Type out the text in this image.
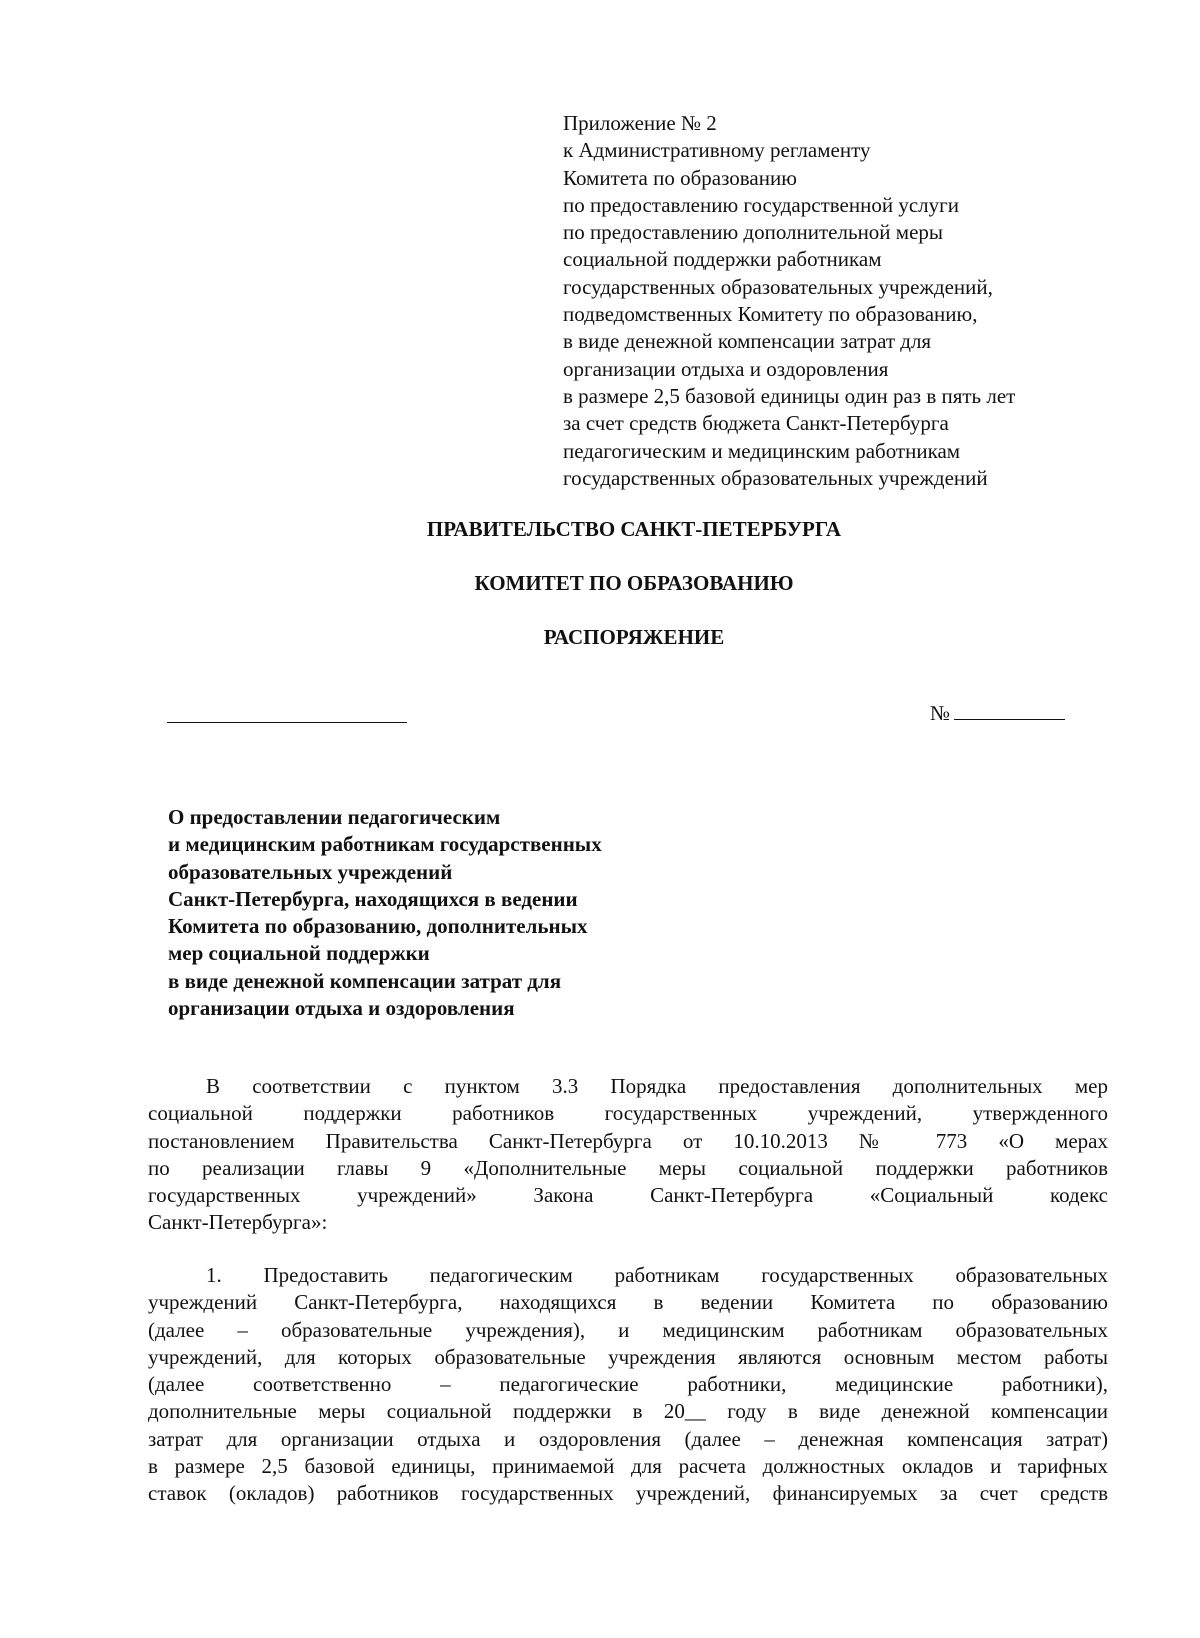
Приложение № 2
к Административному регламенту
Комитета по образованию
по предоставлению государственной услуги
по предоставлению дополнительной меры
социальной поддержки работникам
государственных образовательных учреждений,
подведомственных Комитету по образованию,
в виде денежной компенсации затрат для
организации отдыха и оздоровления
в размере 2,5 базовой единицы один раз в пять лет
за счет средств бюджета Санкт-Петербурга
педагогическим и медицинским работникам
государственных образовательных учреждений
ПРАВИТЕЛЬСТВО САНКТ-ПЕТЕРБУРГА
КОМИТЕТ ПО ОБРАЗОВАНИЮ
РАСПОРЯЖЕНИЕ
№
О предоставлении педагогическим
и медицинским работникам государственных
образовательных учреждений
Санкт-Петербурга, находящихся в ведении
Комитета по образованию, дополнительных
мер социальной поддержки
в виде денежной компенсации затрат для
организации отдыха и оздоровления
В соответствии с пунктом 3.3 Порядка предоставления дополнительных мер
социальной поддержки работников государственных учреждений, утвержденного
постановлением Правительства Санкт-Петербурга от 10.10.2013 № 773 «О мерах
по реализации главы 9 «Дополнительные меры социальной поддержки работников
государственных учреждений» Закона Санкт-Петербурга «Социальный кодекс
Санкт-Петербурга»:
1. Предоставить педагогическим работникам государственных образовательных
учреждений Санкт-Петербурга, находящихся в ведении Комитета по образованию
(далее – образовательные учреждения), и медицинским работникам образовательных
учреждений, для которых образовательные учреждения являются основным местом работы
(далее соответственно – педагогические работники, медицинские работники),
дополнительные меры социальной поддержки в 20__ году в виде денежной компенсации
затрат для организации отдыха и оздоровления (далее – денежная компенсация затрат)
в размере 2,5 базовой единицы, принимаемой для расчета должностных окладов и тарифных
ставок (окладов) работников государственных учреждений, финансируемых за счет средств
